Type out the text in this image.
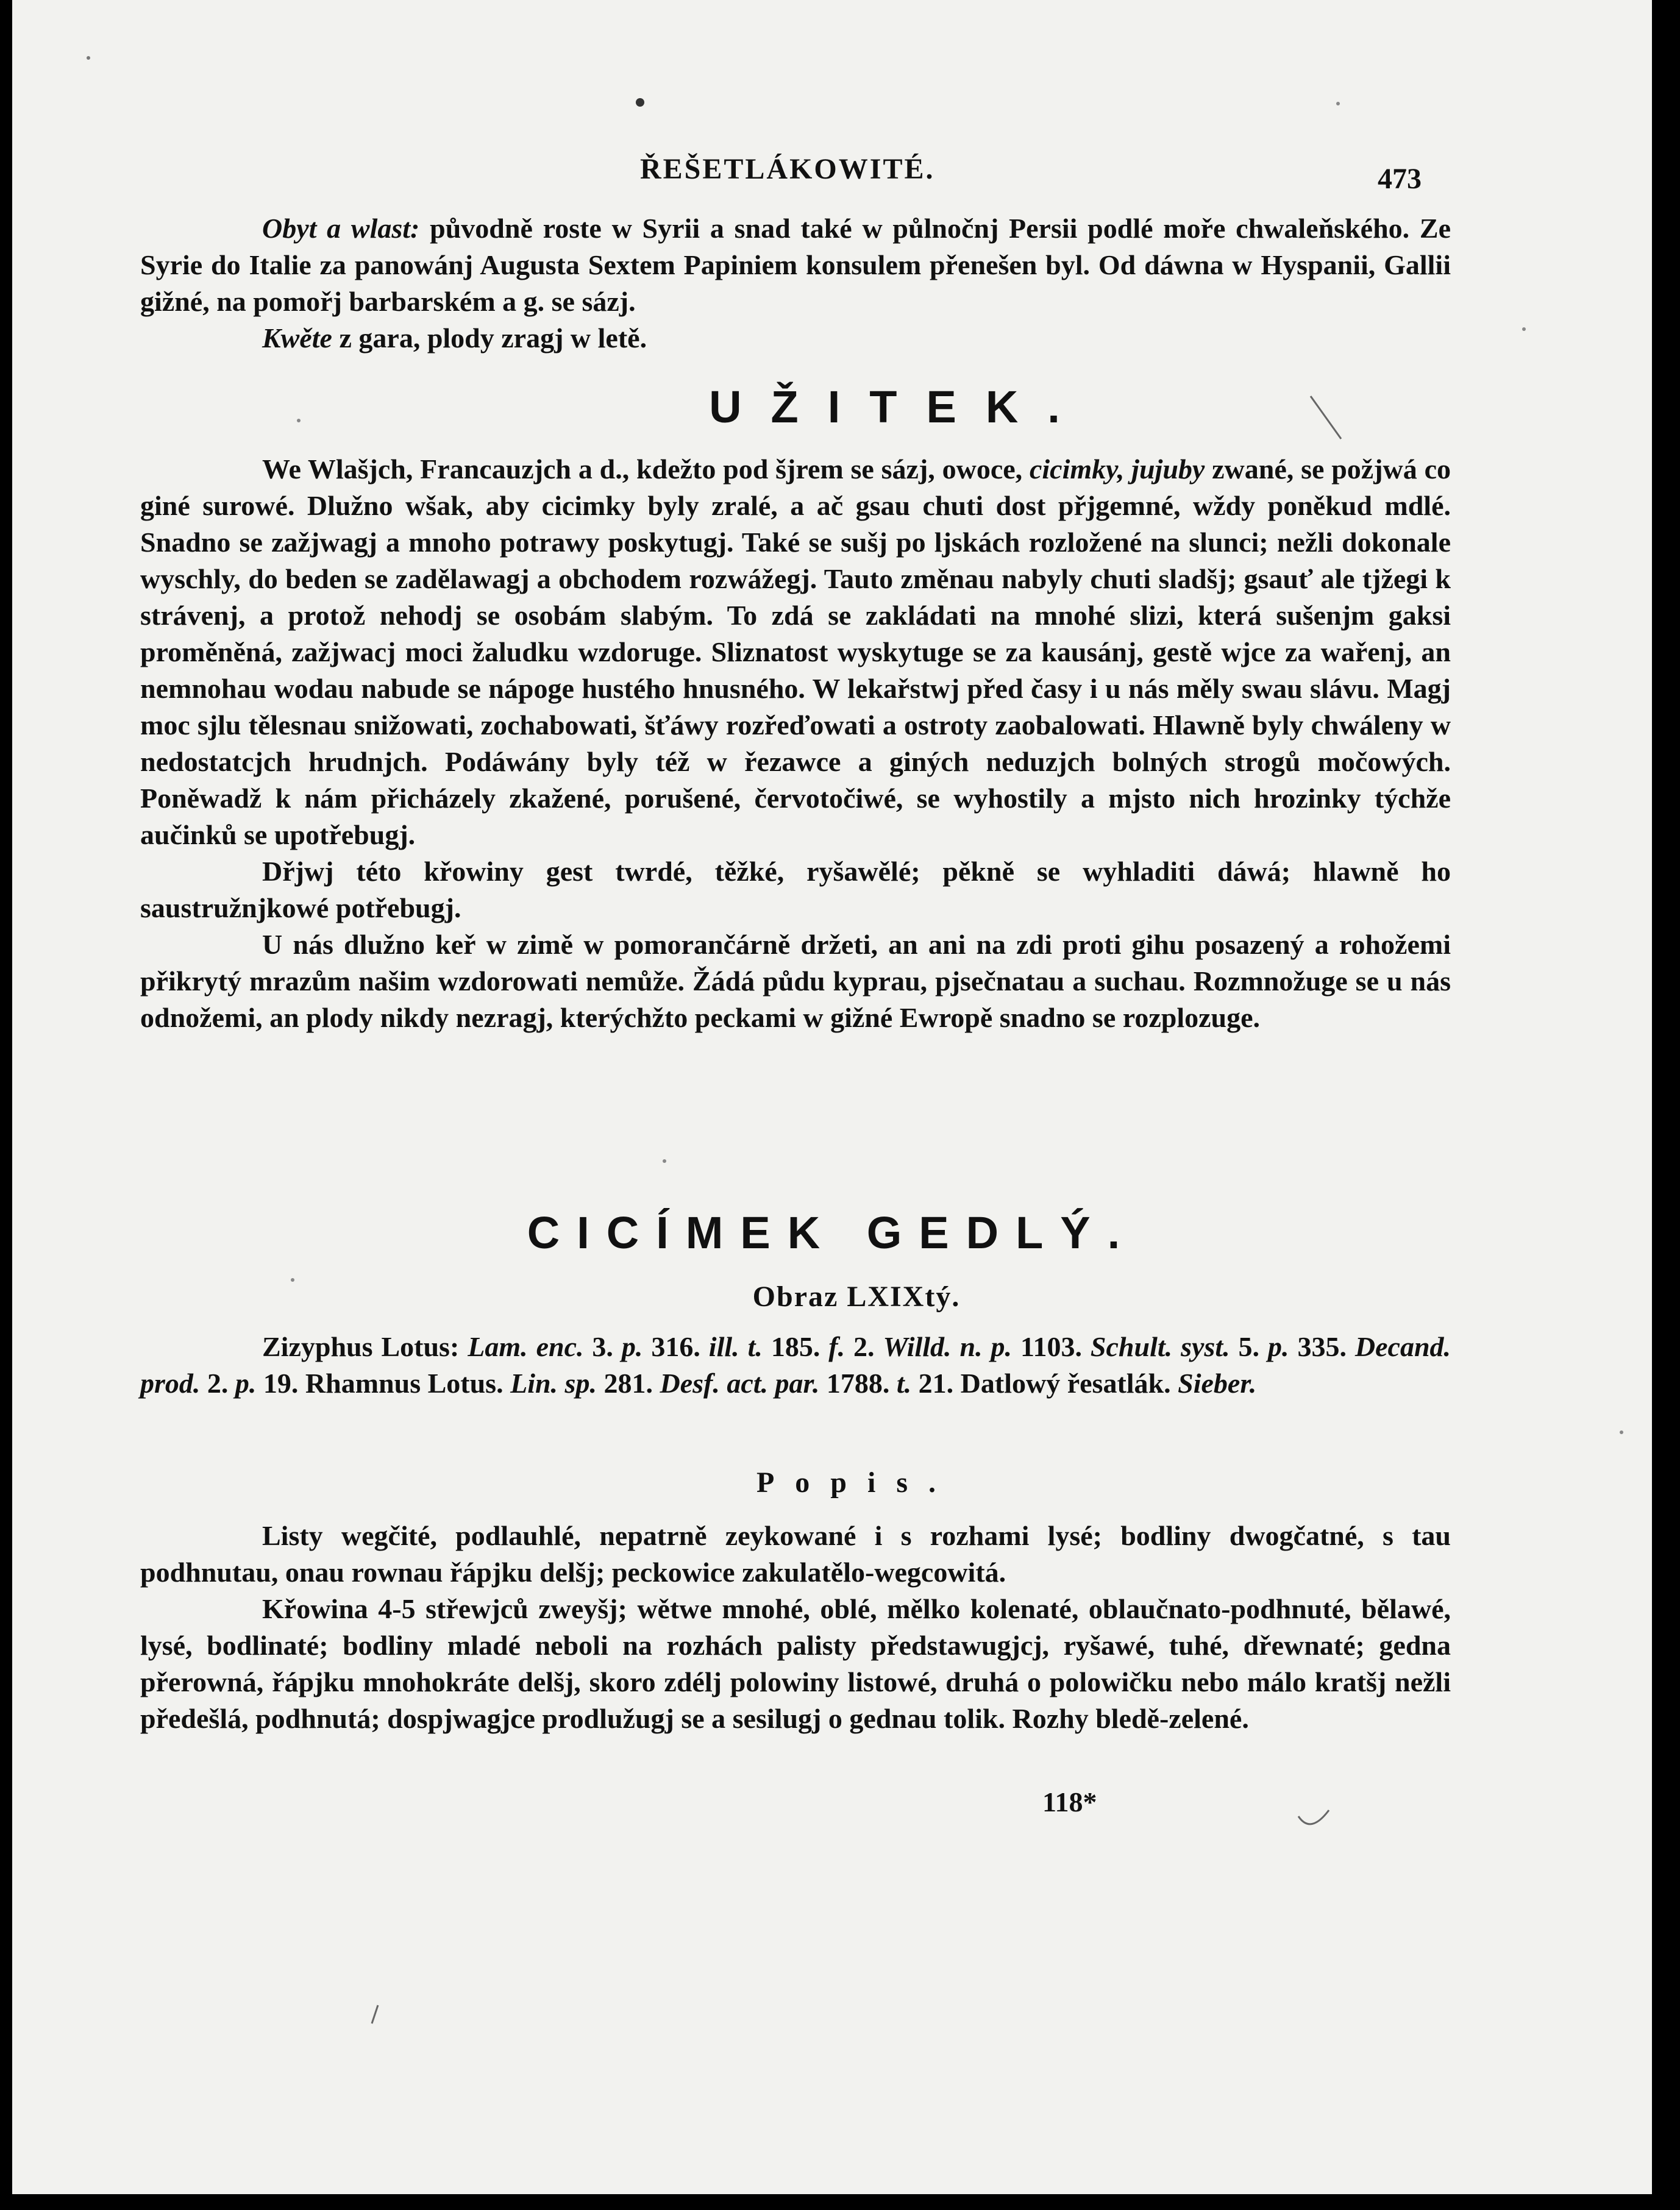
ŘEŠETLÁKOWITÉ.	473

Obyt a wlast: původně roste w Syrii a snad také w půlnočnj Persii podlé moře chwaleňského. Ze Syrie do Italie za panowánj Augusta Sextem Papiniem konsulem přenešen byl. Od dáwna w Hyspanii, Gallii gižné, na pomořj barbarském a g. se sázj.

Kwěte z gara, plody zragj w letě.

UŽITEK.

We Wlašjch, Francauzjch a d., kdežto pod šjrem se sázj, owoce, cicimky, jujuby zwané, se požjwá co giné surowé. Dlužno wšak, aby cicimky byly zralé, a ač gsau chuti dost přjgemné, wždy poněkud mdlé. Snadno se zažjwagj a mnoho potrawy poskytugj. Také se sušj po ljskách rozložené na slunci; nežli dokonale wyschly, do beden se zadělawagj a obchodem rozwážegj. Tauto změnau nabyly chuti sladšj; gsauť ale tjžegi k strávenj, a protož nehodj se osobám slabým. To zdá se zakládati na mnohé slizi, která sušenjm gaksi proměněná, zažjwacj moci žaludku wzdoruge. Sliznatost wyskytuge se za kausánj, gestě wjce za wařenj, an nemnohau wodau nabude se nápoge hustého hnusného. W lekařstwj před časy i u nás měly swau slávu. Magj moc sjlu tělesnau snižowati, zochabowati, šťáwy rozřeďowati a ostroty zaobalowati. Hlawně byly chwáleny w nedostatcjch hrudnjch. Podáwány byly též w řezawce a giných neduzjch bolných strogů močowých. Poněwadž k nám přicházely zkažené, porušené, červotočiwé, se wyhostily a mjsto nich hrozinky týchže aučinků se upotřebugj.

Dřjwj této křowiny gest twrdé, těžké, ryšawělé; pěkně se wyhladiti dáwá; hlawně ho saustružnjkowé potřebugj.

U nás dlužno keř w zimě w pomorančárně držeti, an ani na zdi proti gihu posazený a rohožemi přikrytý mrazům našim wzdorowati nemůže. Žádá půdu kyprau, pjsečnatau a suchau. Rozmnožuge se u nás odnožemi, an plody nikdy nezragj, kterýchžto peckami w gižné Ewropě snadno se rozplozuge.

CICÍMEK GEDLÝ.
Obraz LXIXtý.

Zizyphus Lotus: Lam. enc. 3. p. 316. ill. t. 185. f. 2. Willd. n. p. 1103. Schult. syst. 5. p. 335. Decand. prod. 2. p. 19. Rhamnus Lotus. Lin. sp. 281. Desf. act. par. 1788. t. 21. Datlowý řesatlák. Sieber.

Popis.

Listy wegčité, podlauhlé, nepatrně zeykowané i s rozhami lysé; bodliny dwogčatné, s tau podhnutau, onau rownau řápjku delšj; peckowice zakulatělo-wegcowitá.

Křowina 4-5 střewjců zweyšj; wětwe mnohé, oblé, mělko kolenaté, oblaučnato-podhnuté, bělawé, lysé, bodlinaté; bodliny mladé neboli na rozhách palisty předstawugjcj, ryšawé, tuhé, dřewnaté; gedna přerowná, řápjku mnohokráte delšj, skoro zdélj polowiny listowé, druhá o polowičku nebo málo kratšj nežli předešlá, podhnutá; dospjwagjce prodlužugj se a sesilugj o gednau tolik. Rozhy bledě-zelené.

118*
